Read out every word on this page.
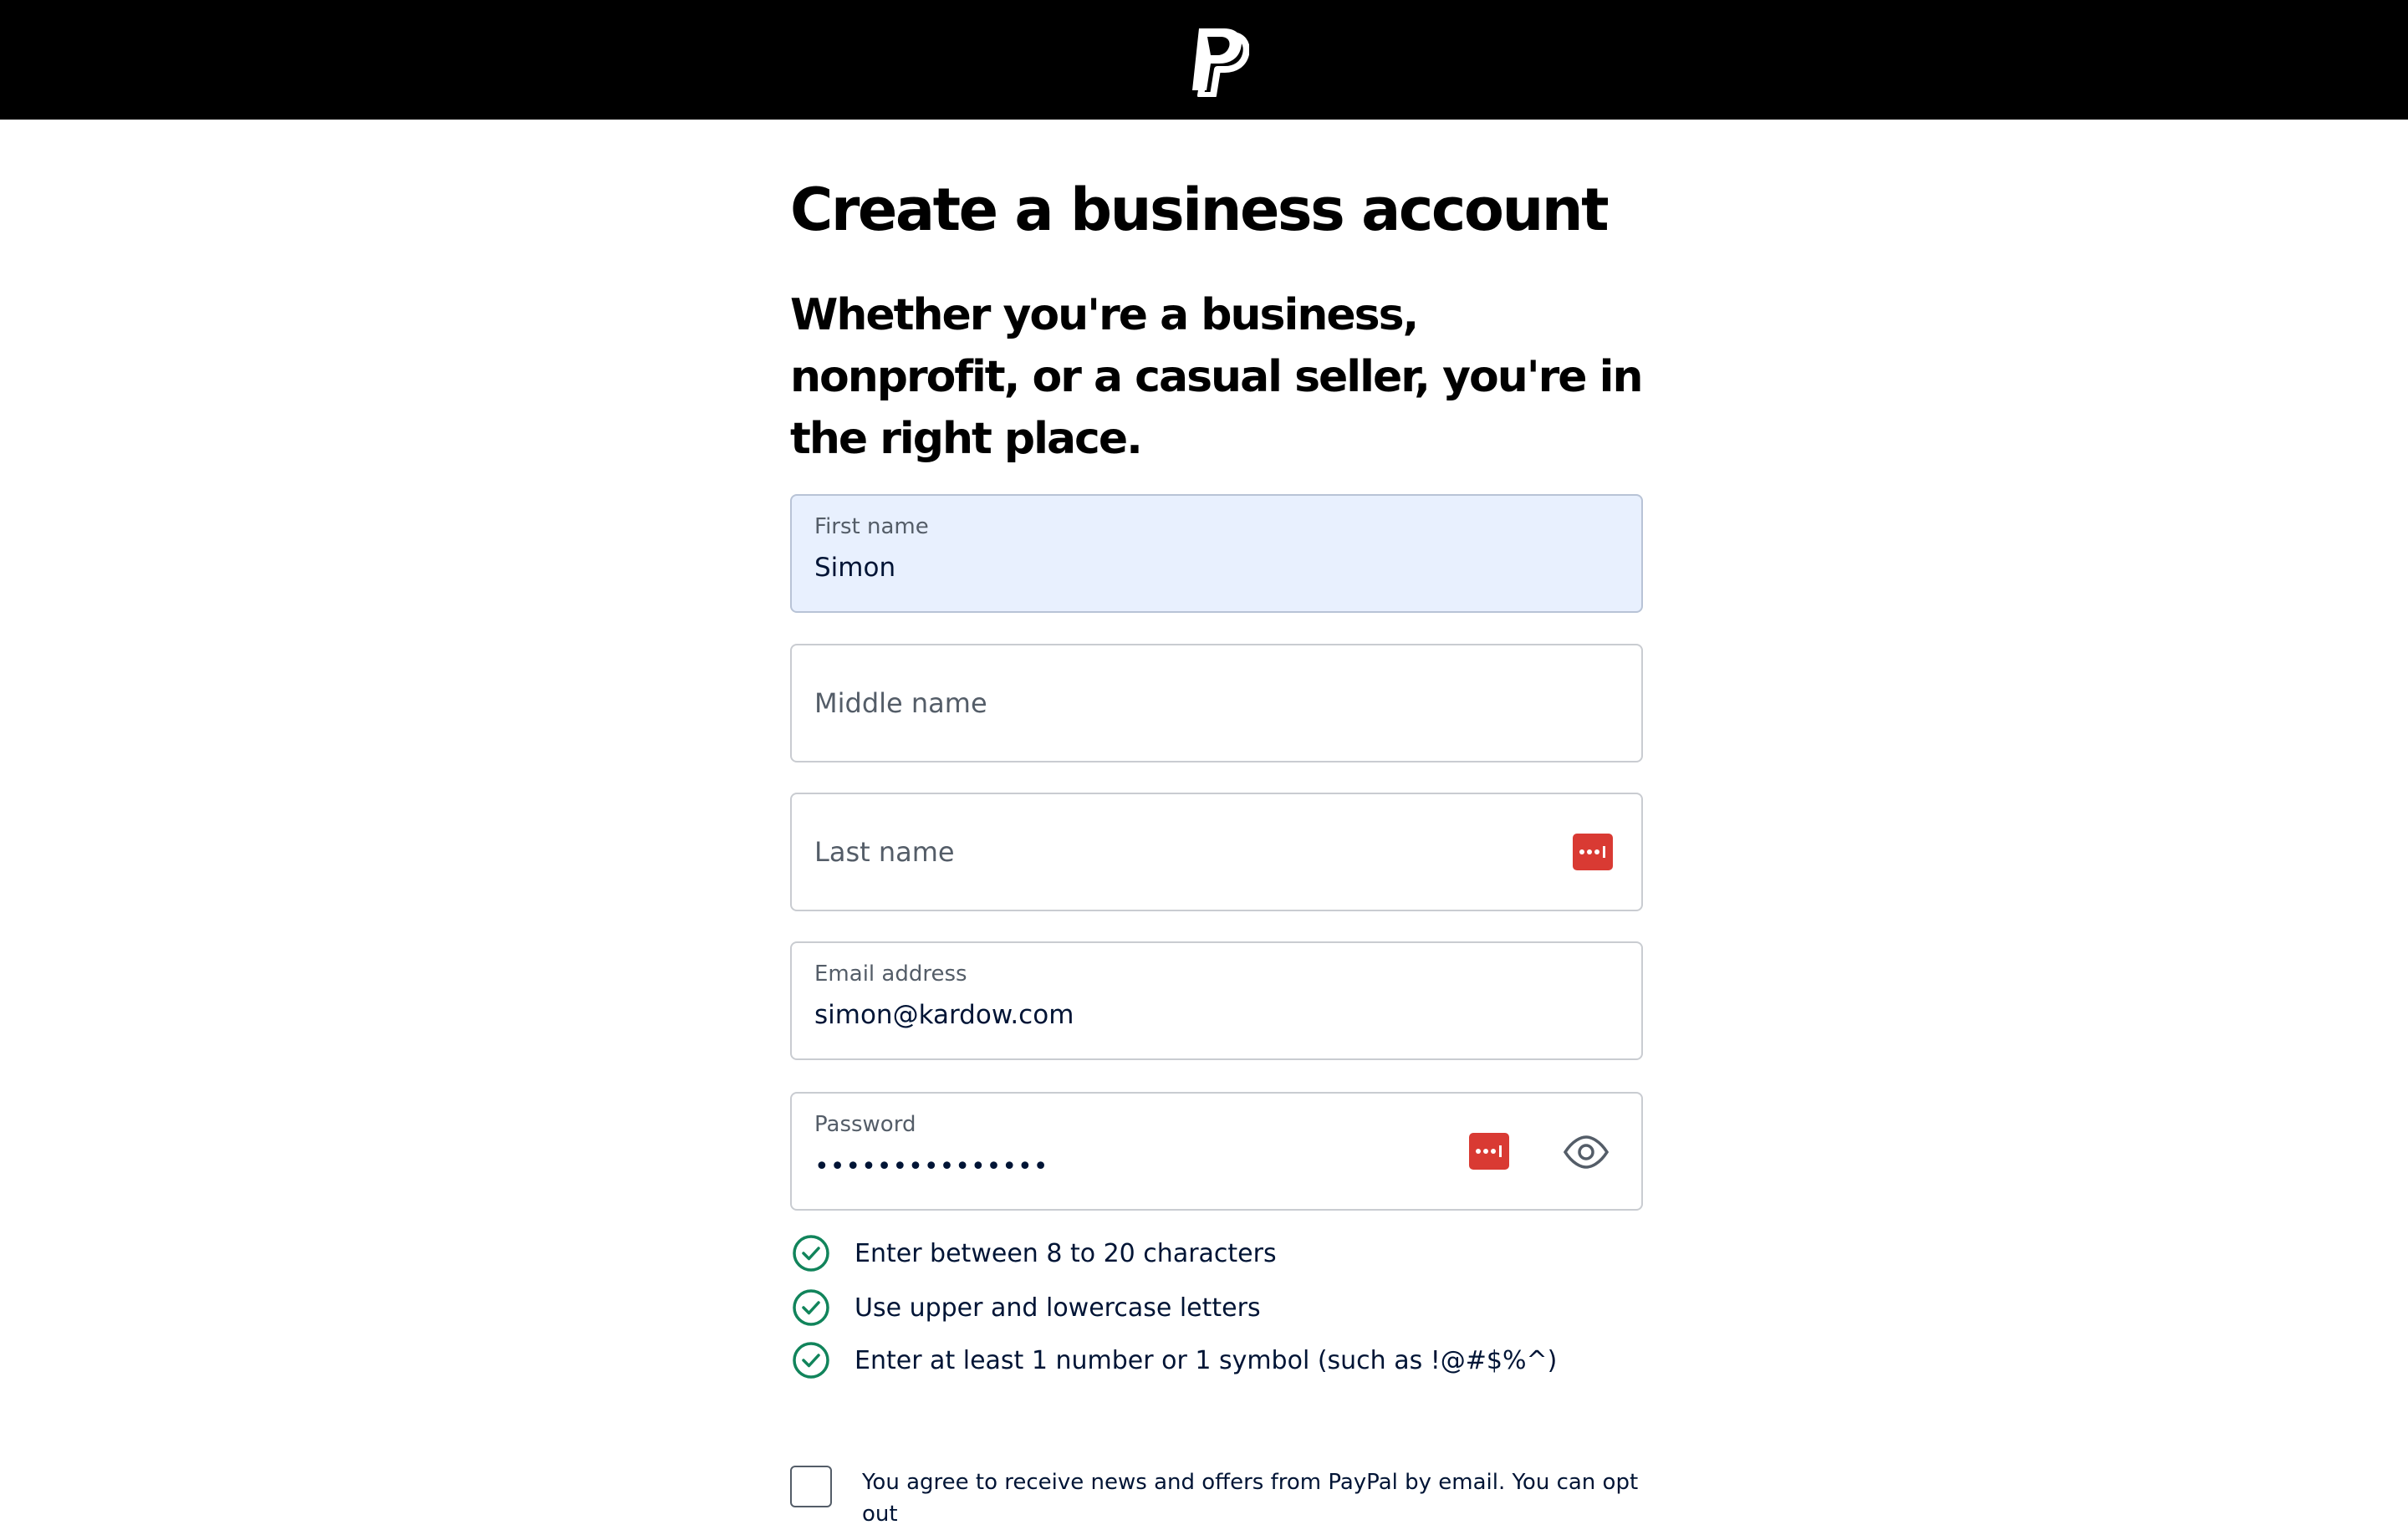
Create a business account
Whether you're a business, nonprofit, or a casual seller, you're in the right place.
First name
Simon
Middle name
Last name
Email address
simon@kardow.com
Password
•••••••••••••••
Enter between 8 to 20 characters
Use upper and lowercase letters
Enter at least 1 number or 1 symbol (such as !@#$%^)
You agree to receive news and offers from PayPal by email. You can opt out
